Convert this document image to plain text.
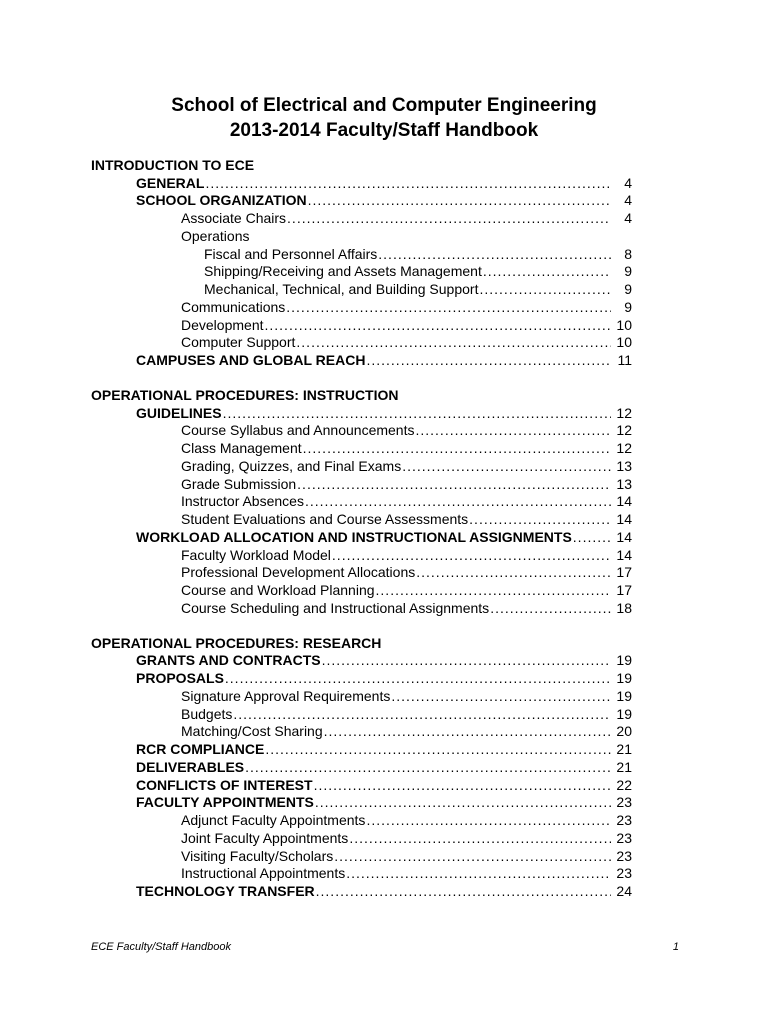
School of Electrical and Computer Engineering
2013-2014 Faculty/Staff Handbook
INTRODUCTION TO ECE
GENERAL .....	4
SCHOOL ORGANIZATION .....	4
Associate Chairs .....	4
Operations
Fiscal and Personnel Affairs .....	8
Shipping/Receiving and Assets Management .....	9
Mechanical, Technical, and Building Support .....	9
Communications .....	9
Development .....	10
Computer Support .....	10
CAMPUSES AND GLOBAL REACH .....	11
OPERATIONAL PROCEDURES: INSTRUCTION
GUIDELINES .....	12
Course Syllabus and Announcements .....	12
Class Management .....	12
Grading, Quizzes, and Final Exams .....	13
Grade Submission .....	13
Instructor Absences .....	14
Student Evaluations and Course Assessments .....	14
WORKLOAD ALLOCATION AND INSTRUCTIONAL ASSIGNMENTS .....	14
Faculty Workload Model .....	14
Professional Development Allocations .....	17
Course and Workload Planning .....	17
Course Scheduling and Instructional Assignments .....	18
OPERATIONAL PROCEDURES: RESEARCH
GRANTS AND CONTRACTS .....	19
PROPOSALS .....	19
Signature Approval Requirements .....	19
Budgets .....	19
Matching/Cost Sharing .....	20
RCR COMPLIANCE .....	21
DELIVERABLES .....	21
CONFLICTS OF INTEREST .....	22
FACULTY APPOINTMENTS .....	23
Adjunct Faculty Appointments .....	23
Joint Faculty Appointments .....	23
Visiting Faculty/Scholars .....	23
Instructional Appointments .....	23
TECHNOLOGY TRANSFER .....	24
ECE Faculty/Staff Handbook	1
